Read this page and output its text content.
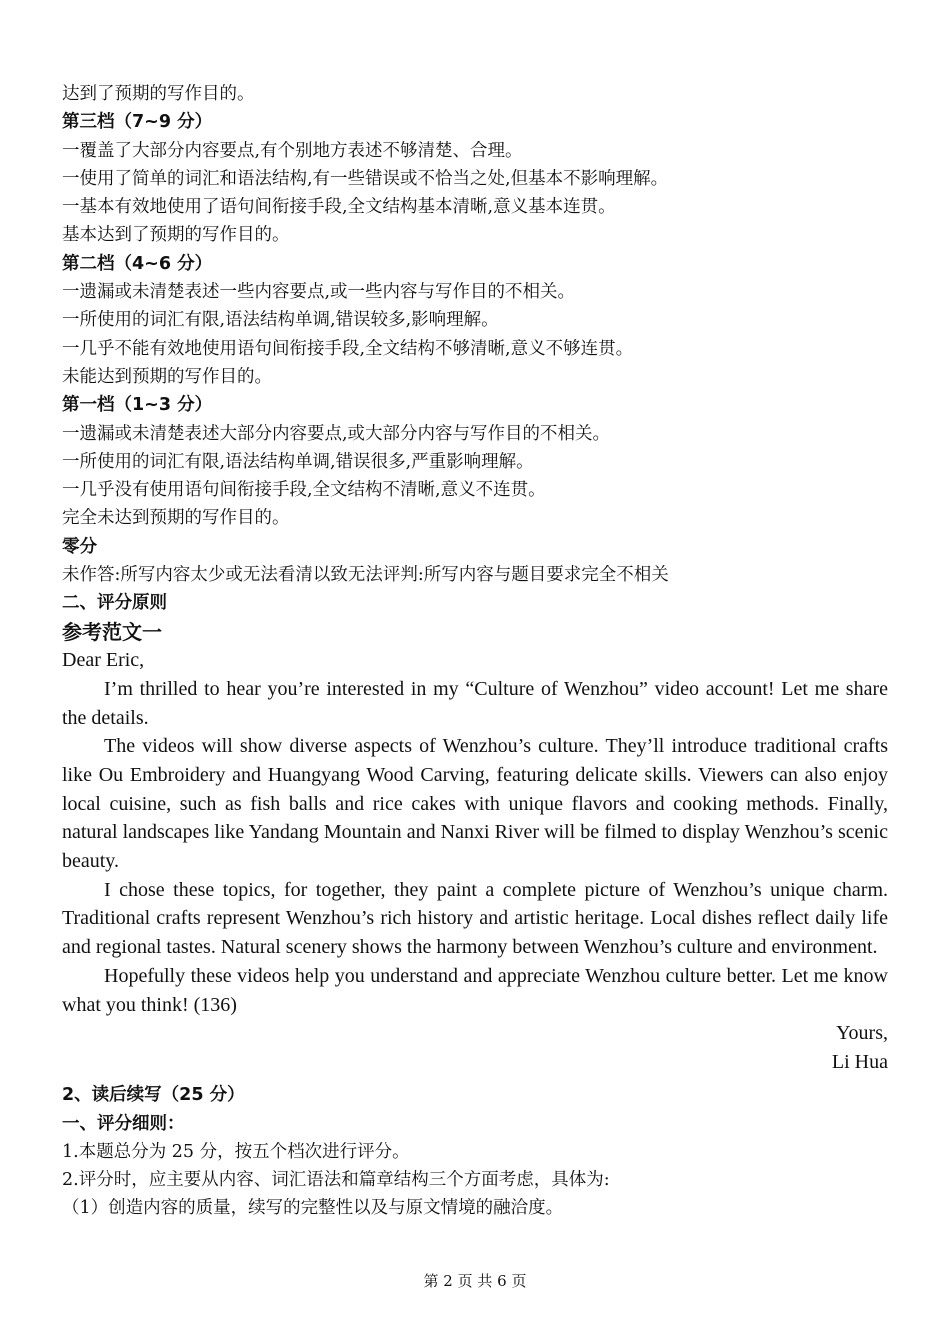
达到了预期的写作目的。
第三档（7~9 分）
一覆盖了大部分内容要点,有个别地方表述不够清楚、合理。
一使用了简单的词汇和语法结构,有一些错误或不恰当之处,但基本不影响理解。
一基本有效地使用了语句间衔接手段,全文结构基本清晰,意义基本连贯。
基本达到了预期的写作目的。
第二档（4~6 分）
一遗漏或未清楚表述一些内容要点,或一些内容与写作目的不相关。
一所使用的词汇有限,语法结构单调,错误较多,影响理解。
一几乎不能有效地使用语句间衔接手段,全文结构不够清晰,意义不够连贯。
未能达到预期的写作目的。
第一档（1~3 分）
一遗漏或未清楚表述大部分内容要点,或大部分内容与写作目的不相关。
一所使用的词汇有限,语法结构单调,错误很多,严重影响理解。
一几乎没有使用语句间衔接手段,全文结构不清晰,意义不连贯。
完全未达到预期的写作目的。
零分
未作答:所写内容太少或无法看清以致无法评判:所写内容与题目要求完全不相关
二、评分原则
参考范文一

Dear Eric,

I’m thrilled to hear you’re interested in my “Culture of Wenzhou” video account! Let me share the details.

The videos will show diverse aspects of Wenzhou’s culture. They’ll introduce traditional crafts like Ou Embroidery and Huangyang Wood Carving, featuring delicate skills. Viewers can also enjoy local cuisine, such as fish balls and rice cakes with unique flavors and cooking methods. Finally, natural landscapes like Yandang Mountain and Nanxi River will be filmed to display Wenzhou’s scenic beauty.

I chose these topics, for together, they paint a complete picture of Wenzhou’s unique charm. Traditional crafts represent Wenzhou’s rich history and artistic heritage. Local dishes reflect daily life and regional tastes. Natural scenery shows the harmony between Wenzhou’s culture and environment.

Hopefully these videos help you understand and appreciate Wenzhou culture better. Let me know what you think! (136)

Yours,
Li Hua
2、读后续写（25 分）
一、评分细则：
1.本题总分为 25 分，按五个档次进行评分。
2.评分时，应主要从内容、词汇语法和篇章结构三个方面考虑，具体为:
（1）创造内容的质量，续写的完整性以及与原文情境的融洽度。
第 2 页 共 6 页
